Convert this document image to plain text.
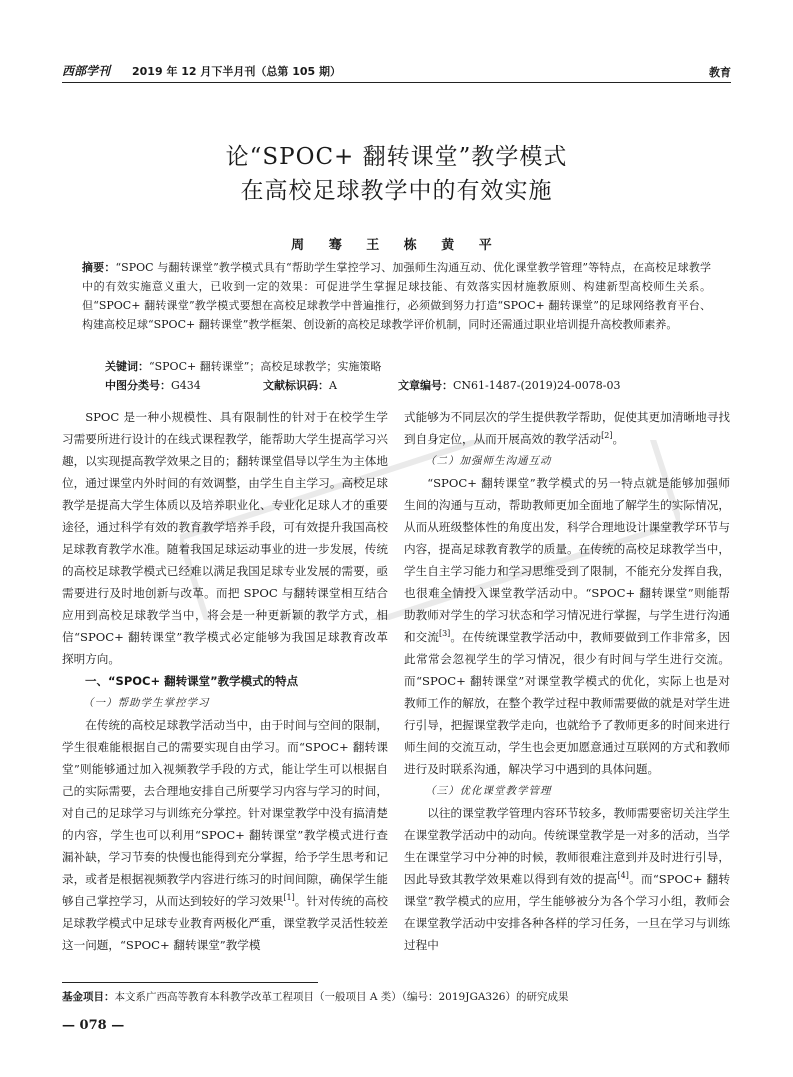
西部学刊 2019 年 12 月下半月刊（总第 105 期）	教育
论“SPOC+ 翻转课堂”教学模式
在高校足球教学中的有效实施
周 骞 王 栋 黄 平
摘要：“SPOC 与翻转课堂”教学模式具有“帮助学生掌控学习、加强师生沟通互动、优化课堂教学管理”等特点，在高校足球教学中的有效实施意义重大，已收到一定的效果：可促进学生掌握足球技能、有效落实因材施教原则、构建新型高校师生关系。但“SPOC+ 翻转课堂”教学模式要想在高校足球教学中普遍推行，必须做到努力打造“SPOC+ 翻转课堂”的足球网络教育平台、构建高校足球“SPOC+ 翻转课堂”教学框架、创设新的高校足球教学评价机制，同时还需通过职业培训提升高校教师素养。
关键词：“SPOC+ 翻转课堂”；高校足球教学；实施策略
中图分类号： G434	文献标识码： A	文章编号： CN61-1487-(2019)24-0078-03

SPOC 是一种小规模性、具有限制性的针对于在校学生学习需要所进行设计的在线式课程教学，能帮助大学生提高学习兴趣，以实现提高教学效果之目的；翻转课堂倡导以学生为主体地位，通过课堂内外时间的有效调整，由学生自主学习。高校足球教学是提高大学生体质以及培养职业化、专业化足球人才的重要途径，通过科学有效的教育教学培养手段，可有效提升我国高校足球教育教学水准。随着我国足球运动事业的进一步发展，传统的高校足球教学模式已经难以满足我国足球专业发展的需要，亟需要进行及时地创新与改革。而把 SPOC 与翻转课堂相互结合应用到高校足球教学当中，将会是一种更新颖的教学方式，相信“SPOC+ 翻转课堂”教学模式必定能够为我国足球教育改革探明方向。

一、“SPOC+ 翻转课堂”教学模式的特点
（一）帮助学生掌控学习

在传统的高校足球教学活动当中，由于时间与空间的限制，学生很难能根据自己的需要实现自由学习。而“SPOC+ 翻转课堂”则能够通过加入视频教学手段的方式，能让学生可以根据自己的实际需要，去合理地安排自己所要学习内容与学习的时间，对自己的足球学习与训练充分掌控。针对课堂教学中没有搞清楚的内容，学生也可以利用“SPOC+ 翻转课堂”教学模式进行查漏补缺，学习节奏的快慢也能得到充分掌握，给予学生思考和记录，或者是根据视频教学内容进行练习的时间间隙，确保学生能够自己掌控学习，从而达到较好的学习效果[1]。针对传统的高校足球教学模式中足球专业教育两极化严重，课堂教学灵活性较差这一问题，“SPOC+ 翻转课堂”教学模

式能够为不同层次的学生提供教学帮助，促使其更加清晰地寻找到自身定位，从而开展高效的教学活动[2]。

（二）加强师生沟通互动

“SPOC+ 翻转课堂”教学模式的另一特点就是能够加强师生间的沟通与互动，帮助教师更加全面地了解学生的实际情况，从而从班级整体性的角度出发，科学合理地设计课堂教学环节与内容，提高足球教育教学的质量。在传统的高校足球教学当中，学生自主学习能力和学习思维受到了限制，不能充分发挥自我，也很难全情投入课堂教学活动中。“SPOC+ 翻转课堂”则能帮助教师对学生的学习状态和学习情况进行掌握，与学生进行沟通和交流[3]。在传统课堂教学活动中，教师要做到工作非常多，因此常常会忽视学生的学习情况，很少有时间与学生进行交流。而“SPOC+ 翻转课堂”对课堂教学模式的优化，实际上也是对教师工作的解放，在整个教学过程中教师需要做的就是对学生进行引导，把握课堂教学走向，也就给予了教师更多的时间来进行师生间的交流互动，学生也会更加愿意通过互联网的方式和教师进行及时联系沟通，解决学习中遇到的具体问题。

（三）优化课堂教学管理

以往的课堂教学管理内容环节较多，教师需要密切关注学生在课堂教学活动中的动向。传统课堂教学是一对多的活动，当学生在课堂学习中分神的时候，教师很难注意到并及时进行引导，因此导致其教学效果难以得到有效的提高[4]。而“SPOC+ 翻转课堂”教学模式的应用，学生能够被分为各个学习小组，教师会在课堂教学活动中安排各种各样的学习任务，一旦在学习与训练过程中

基金项目：本文系广西高等教育本科教学改革工程项目（一般项目 A 类）（编号：2019JGA326）的研究成果
— 078 —
